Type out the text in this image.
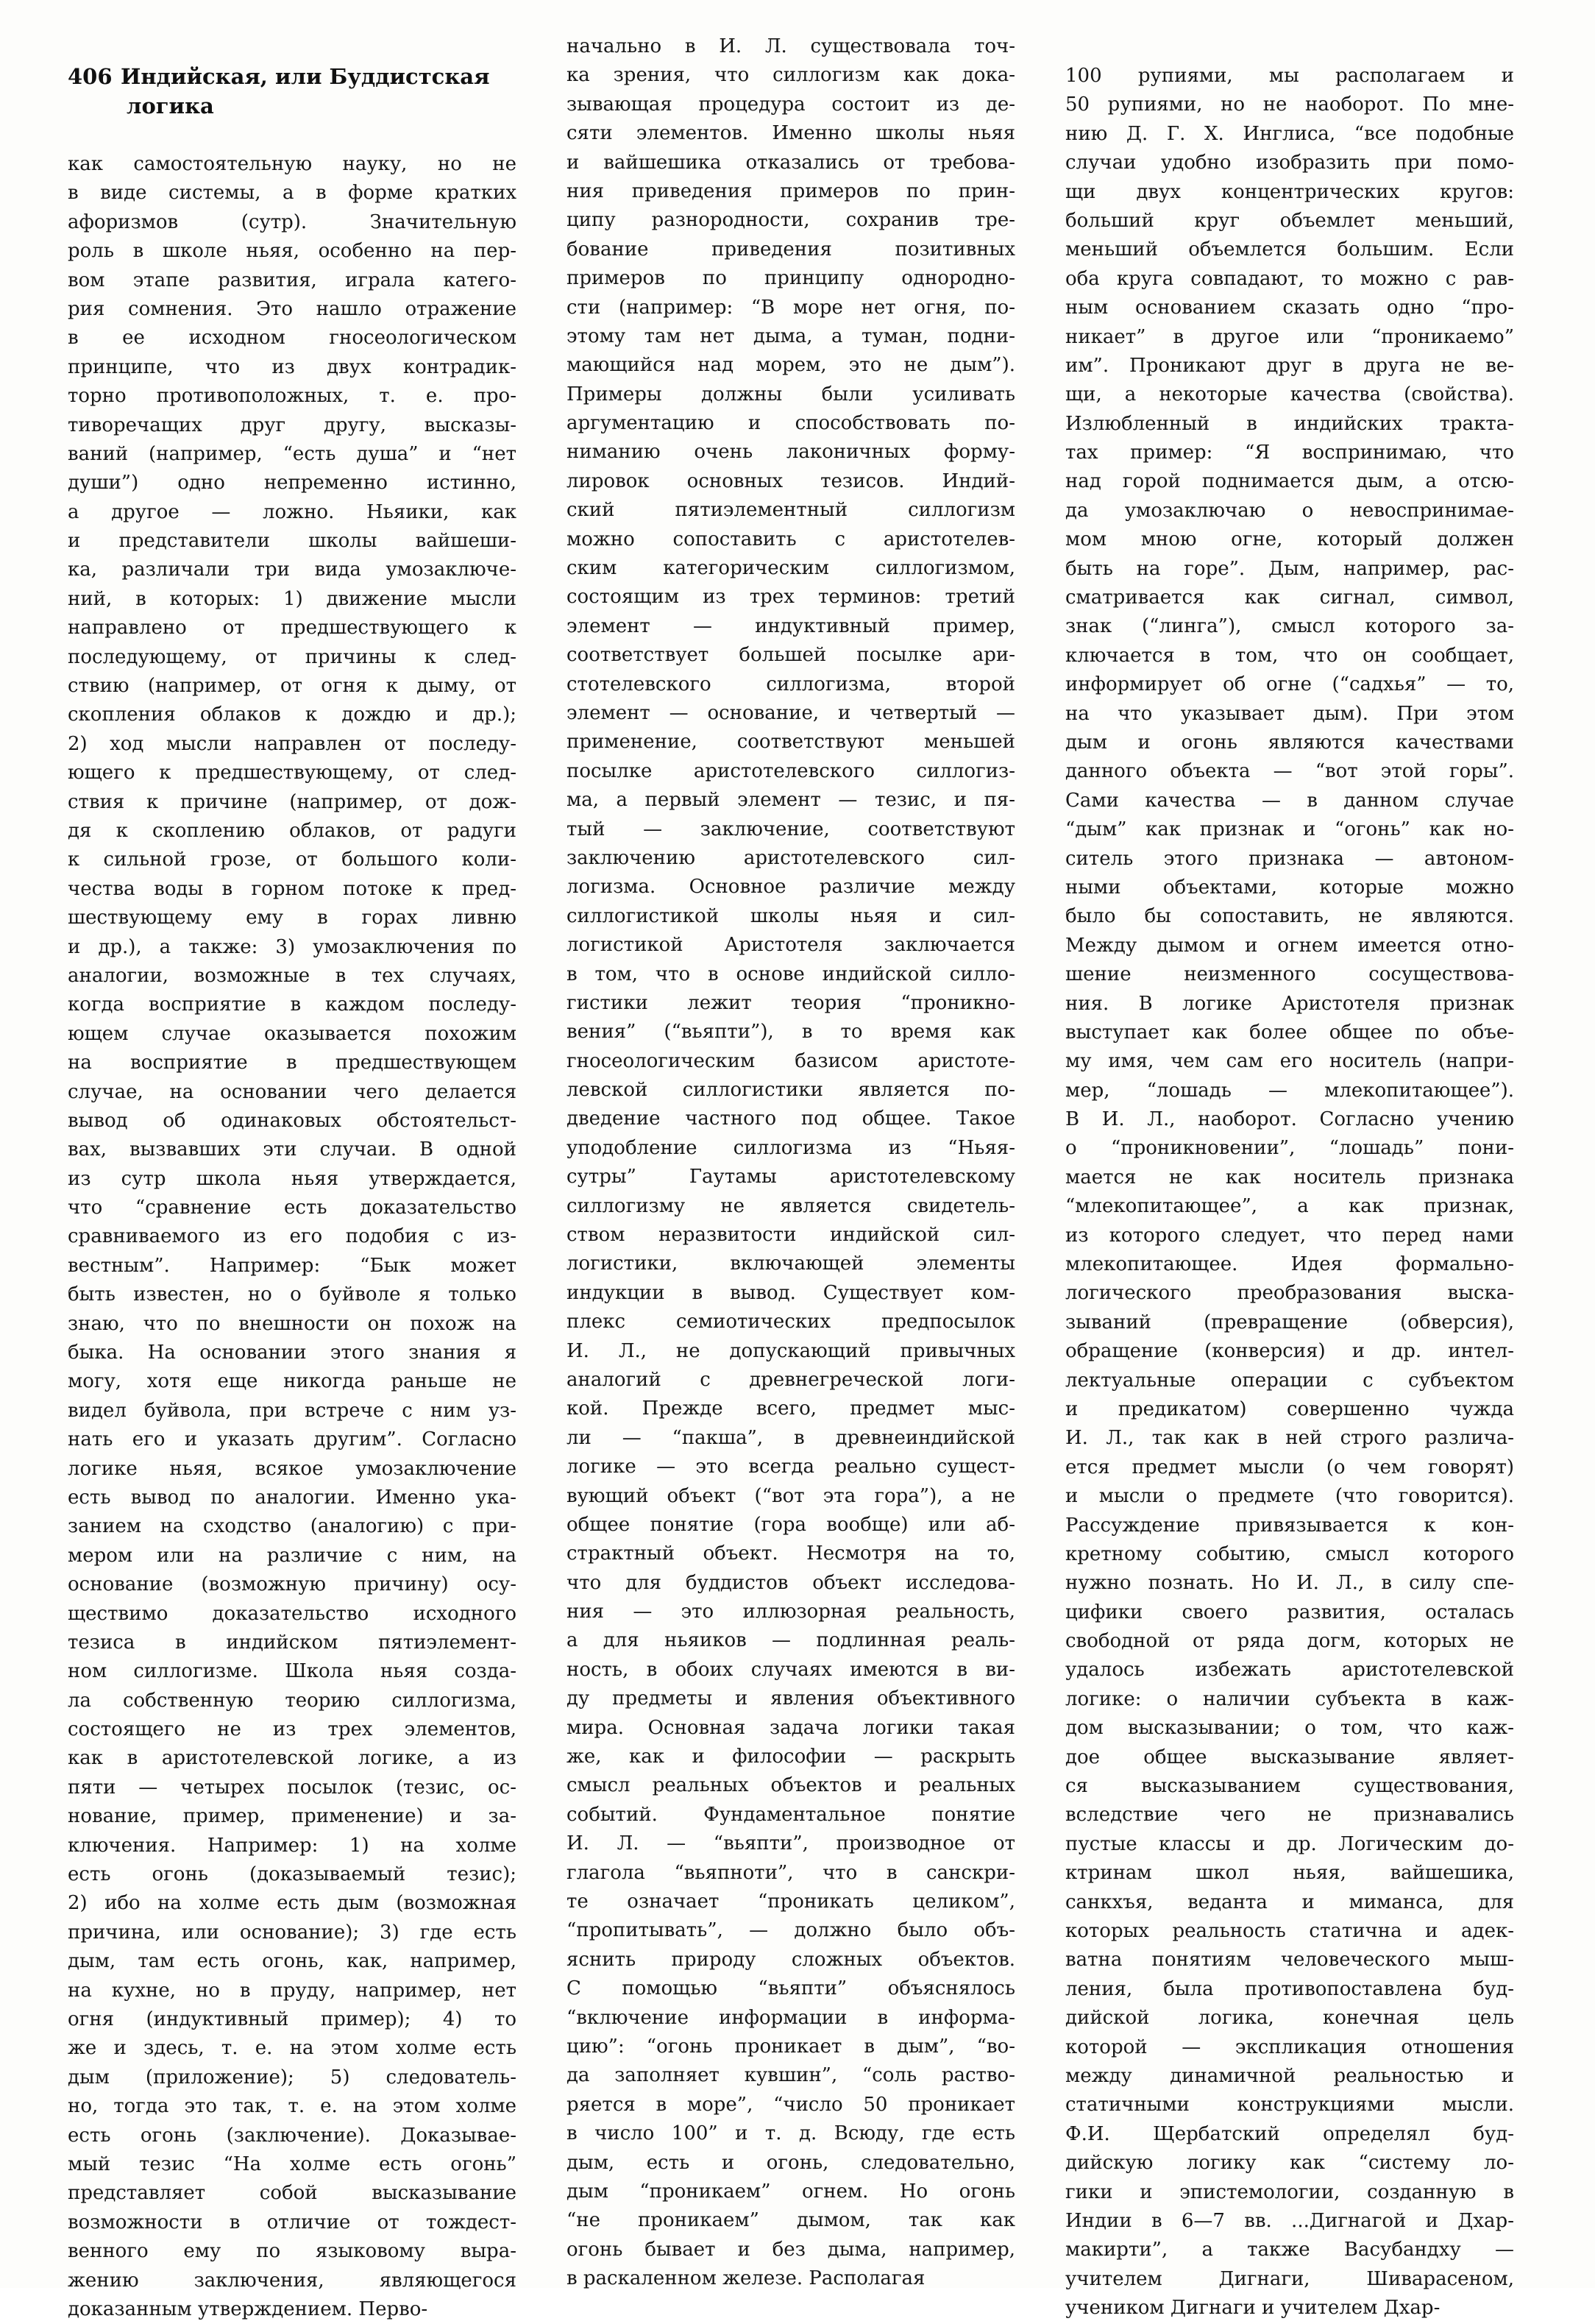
406 Индийская, или Буддистская
логика
как самостоятельную науку, но не
в виде системы, а в форме кратких
афоризмов (сутр). Значительную
роль в школе ньяя, особенно на пер-
вом этапе развития, играла катего-
рия сомнения. Это нашло отражение
в ее исходном гносеологическом
принципе, что из двух контрадик-
торно противоположных, т. е. про-
тиворечащих друг другу, высказы-
ваний (например, “есть душа” и “нет
души”) одно непременно истинно,
а другое — ложно. Ньяики, как
и представители школы вайшеши-
ка, различали три вида умозаключе-
ний, в которых: 1) движение мысли
направлено от предшествующего к
последующему, от причины к след-
ствию (например, от огня к дыму, от
скопления облаков к дождю и др.);
2) ход мысли направлен от последу-
ющего к предшествующему, от след-
ствия к причине (например, от дож-
дя к скоплению облаков, от радуги
к сильной грозе, от большого коли-
чества воды в горном потоке к пред-
шествующему ему в горах ливню
и др.), а также: 3) умозаключения по
аналогии, возможные в тех случаях,
когда восприятие в каждом последу-
ющем случае оказывается похожим
на восприятие в предшествующем
случае, на основании чего делается
вывод об одинаковых обстоятельст-
вах, вызвавших эти случаи. В одной
из сутр школа ньяя утверждается,
что “сравнение есть доказательство
сравниваемого из его подобия с из-
вестным”. Например: “Бык может
быть известен, но о буйволе я только
знаю, что по внешности он похож на
быка. На основании этого знания я
могу, хотя еще никогда раньше не
видел буйвола, при встрече с ним уз-
нать его и указать другим”. Согласно
логике ньяя, всякое умозаключение
есть вывод по аналогии. Именно ука-
занием на сходство (аналогию) с при-
мером или на различие с ним, на
основание (возможную причину) осу-
ществимо доказательство исходного
тезиса в индийском пятиэлемент-
ном силлогизме. Школа ньяя созда-
ла собственную теорию силлогизма,
состоящего не из трех элементов,
как в аристотелевской логике, а из
пяти — четырех посылок (тезис, ос-
нование, пример, применение) и за-
ключения. Например: 1) на холме
есть огонь (доказываемый тезис);
2) ибо на холме есть дым (возможная
причина, или основание); 3) где есть
дым, там есть огонь, как, например,
на кухне, но в пруду, например, нет
огня (индуктивный пример); 4) то
же и здесь, т. е. на этом холме есть
дым (приложение); 5) следователь-
но, тогда это так, т. е. на этом холме
есть огонь (заключение). Доказывае-
мый тезис “На холме есть огонь”
представляет собой высказывание
возможности в отличие от тождест-
венного ему по языковому выра-
жению заключения, являющегося
доказанным утверждением. Перво-
начально в И. Л. существовала точ-
ка зрения, что силлогизм как дока-
зывающая процедура состоит из де-
сяти элементов. Именно школы ньяя
и вайшешика отказались от требова-
ния приведения примеров по прин-
ципу разнородности, сохранив тре-
бование приведения позитивных
примеров по принципу однородно-
сти (например: “В море нет огня, по-
этому там нет дыма, а туман, подни-
мающийся над морем, это не дым”).
Примеры должны были усиливать
аргументацию и способствовать по-
ниманию очень лаконичных форму-
лировок основных тезисов. Индий-
ский пятиэлементный силлогизм
можно сопоставить с аристотелев-
ским категорическим силлогизмом,
состоящим из трех терминов: третий
элемент — индуктивный пример,
соответствует большей посылке ари-
стотелевского силлогизма, второй
элемент — основание, и четвертый —
применение, соответствуют меньшей
посылке аристотелевского силлогиз-
ма, а первый элемент — тезис, и пя-
тый — заключение, соответствуют
заключению аристотелевского сил-
логизма. Основное различие между
силлогистикой школы ньяя и сил-
логистикой Аристотеля заключается
в том, что в основе индийской силло-
гистики лежит теория “проникно-
вения” (“вьяпти”), в то время как
гносеологическим базисом аристоте-
левской силлогистики является по-
дведение частного под общее. Такое
уподобление силлогизма из “Ньяя-
сутры” Гаутамы аристотелевскому
силлогизму не является свидетель-
ством неразвитости индийской сил-
логистики, включающей элементы
индукции в вывод. Существует ком-
плекс семиотических предпосылок
И. Л., не допускающий привычных
аналогий с древнегреческой логи-
кой. Прежде всего, предмет мыс-
ли — “пакша”, в древнеиндийской
логике — это всегда реально сущест-
вующий объект (“вот эта гора”), а не
общее понятие (гора вообще) или аб-
страктный объект. Несмотря на то,
что для буддистов объект исследова-
ния — это иллюзорная реальность,
а для ньяиков — подлинная реаль-
ность, в обоих случаях имеются в ви-
ду предметы и явления объективного
мира. Основная задача логики такая
же, как и философии — раскрыть
смысл реальных объектов и реальных
событий. Фундаментальное понятие
И. Л. — “вьяпти”, производное от
глагола “вьяпноти”, что в санскри-
те означает “проникать целиком”,
“пропитывать”, — должно было объ-
яснить природу сложных объектов.
С помощью “вьяпти” объяснялось
“включение информации в информа-
цию”: “огонь проникает в дым”, “во-
да заполняет кувшин”, “соль раство-
ряется в море”, “число 50 проникает
в число 100” и т. д. Всюду, где есть
дым, есть и огонь, следовательно,
дым “проникаем” огнем. Но огонь
“не проникаем” дымом, так как
огонь бывает и без дыма, например,
в раскаленном железе. Располагая
100 рупиями, мы располагаем и
50 рупиями, но не наоборот. По мне-
нию Д. Г. Х. Инглиса, “все подобные
случаи удобно изобразить при помо-
щи двух концентрических кругов:
больший круг объемлет меньший,
меньший объемлется большим. Если
оба круга совпадают, то можно с рав-
ным основанием сказать одно “про-
никает” в другое или “проникаемо”
им”. Проникают друг в друга не ве-
щи, а некоторые качества (свойства).
Излюбленный в индийских тракта-
тах пример: “Я воспринимаю, что
над горой поднимается дым, а отсю-
да умозаключаю о невоспринимае-
мом мною огне, который должен
быть на горе”. Дым, например, рас-
сматривается как сигнал, символ,
знак (“линга”), смысл которого за-
ключается в том, что он сообщает,
информирует об огне (“садхья” — то,
на что указывает дым). При этом
дым и огонь являются качествами
данного объекта — “вот этой горы”.
Сами качества — в данном случае
“дым” как признак и “огонь” как но-
ситель этого признака — автоном-
ными объектами, которые можно
было бы сопоставить, не являются.
Между дымом и огнем имеется отно-
шение неизменного сосуществова-
ния. В логике Аристотеля признак
выступает как более общее по объе-
му имя, чем сам его носитель (напри-
мер, “лошадь — млекопитающее”).
В И. Л., наоборот. Согласно учению
о “проникновении”, “лошадь” пони-
мается не как носитель признака
“млекопитающее”, а как признак,
из которого следует, что перед нами
млекопитающее. Идея формально-
логического преобразования выска-
зываний (превращение (обверсия),
обращение (конверсия) и др. интел-
лектуальные операции с субъектом
и предикатом) совершенно чужда
И. Л., так как в ней строго различа-
ется предмет мысли (о чем говорят)
и мысли о предмете (что говорится).
Рассуждение привязывается к кон-
кретному событию, смысл которого
нужно познать. Но И. Л., в силу спе-
цифики своего развития, осталась
свободной от ряда догм, которых не
удалось избежать аристотелевской
логике: о наличии субъекта в каж-
дом высказывании; о том, что каж-
дое общее высказывание являет-
ся высказыванием существования,
вследствие чего не признавались
пустые классы и др. Логическим до-
ктринам школ ньяя, вайшешика,
санкхъя, веданта и миманса, для
которых реальность статична и адек-
ватна понятиям человеческого мыш-
ления, была противопоставлена буд-
дийской логика, конечная цель
которой — экспликация отношения
между динамичной реальностью и
статичными конструкциями мысли.
Ф.И. Щербатский определял буд-
дийскую логику как “систему ло-
гики и эпистемологии, созданную в
Индии в 6—7 вв. ...Дигнагой и Дхар-
макирти”, а также Васубандху —
учителем Дигнаги, Шиварасеном,
учеником Дигнаги и учителем Дхар-
